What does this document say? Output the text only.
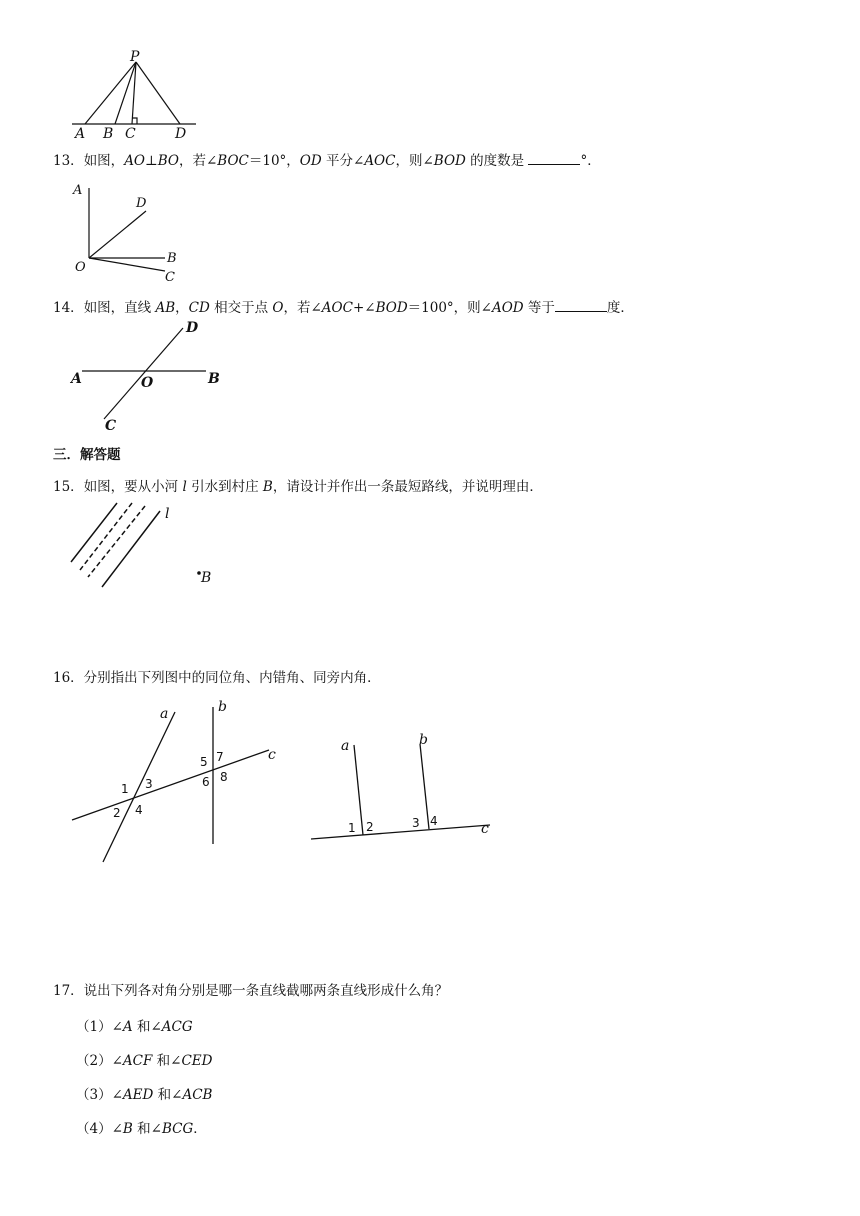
P
A B C	D
13．如图，AO⊥BO，若∠BOC＝10°，OD 平分∠AOC，则∠BOD 的度数是	°．
A
D
B
O
C
14．如图，直线 AB，CD 相交于点 O，若∠AOC+∠BOD＝100°，则∠AOD 等于	度．
D
A	O	B
C
三．解答题
15．如图，要从小河 l 引水到村庄 B，请设计并作出一条最短路线，并说明理由．
l
B
16．分别指出下列图中的同位角、内错角、同旁内角．
a	b
c
5 7
6 8
1 3
2 4
a	b
c
1 2	3 4
17．说出下列各对角分别是哪一条直线截哪两条直线形成什么角？
（1）∠A 和∠ACG
（2）∠ACF 和∠CED
（3）∠AED 和∠ACB
（4）∠B 和∠BCG．
